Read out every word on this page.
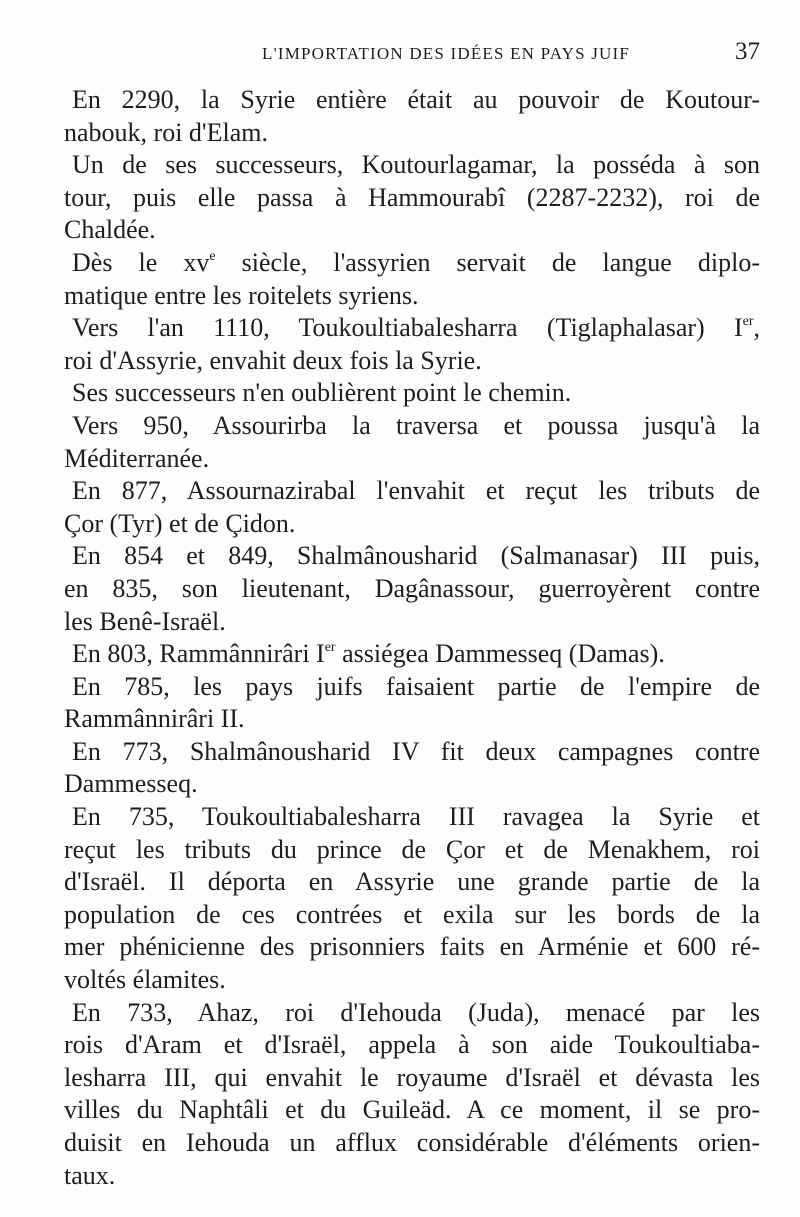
L'IMPORTATION DES IDÉES EN PAYS JUIF	37
En 2290, la Syrie entière était au pouvoir de Koutour-
nabouk, roi d'Elam.
Un de ses successeurs, Koutourlagamar, la posséda à son
tour, puis elle passa à Hammourabî (2287-2232), roi de
Chaldée.
Dès le $xv^e$ siècle, l'assyrien servait de langue diplo-
matique entre les roitelets syriens.
Vers l'an 1110, Toukoultiabalesharra (Tiglaphalasar) Ier,
roi d'Assyrie, envahit deux fois la Syrie.
Ses successeurs n'en oublièrent point le chemin.
Vers 950, Assourirba la traversa et poussa jusqu'à la
Méditerranée.
En 877, Assournazirabal l'envahit et reçut les tributs de
Çor (Tyr) et de Çidon.
En 854 et 849, Shalmânousharid (Salmanasar) III puis,
en 835, son lieutenant, Dagânassour, guerroyèrent contre
les Benê-Israël.
En 803, Rammânnirâri Ier assiégea Dammesseq (Damas).
En 785, les pays juifs faisaient partie de l'empire de
Rammânnirâri II.
En 773, Shalmânousharid IV fit deux campagnes contre
Dammesseq.
En 735, Toukoultiabalesharra III ravagea la Syrie et
reçut les tributs du prince de Çor et de Menakhem, roi
d'Israël. Il déporta en Assyrie une grande partie de la
population de ces contrées et exila sur les bords de la
mer phénicienne des prisonniers faits en Arménie et 600 ré-
voltés élamites.
En 733, Ahaz, roi d'Iehouda (Juda), menacé par les
rois d'Aram et d'Israël, appela à son aide Toukoultiaba-
lesharra III, qui envahit le royaume d'Israël et dévasta les
villes du Naphtâli et du Guileäd. A ce moment, il se pro-
duisit en Iehouda un afflux considérable d'éléments orien-
taux.
